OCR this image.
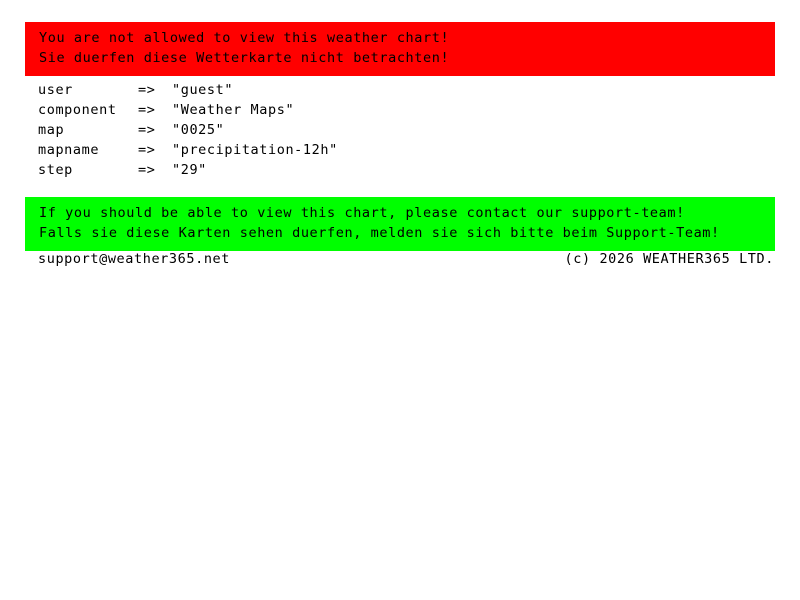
You are not allowed to view this weather chart!
Sie duerfen diese Wetterkarte nicht betrachten!
user	=>	"guest"
component	=>	"Weather Maps"
map	=>	"0025"
mapname	=>	"precipitation-12h"
step	=>	"29"
If you should be able to view this chart, please contact our support-team!
Falls sie diese Karten sehen duerfen, melden sie sich bitte beim Support-Team!
support@weather365.net	(c) 2026 WEATHER365 LTD.
